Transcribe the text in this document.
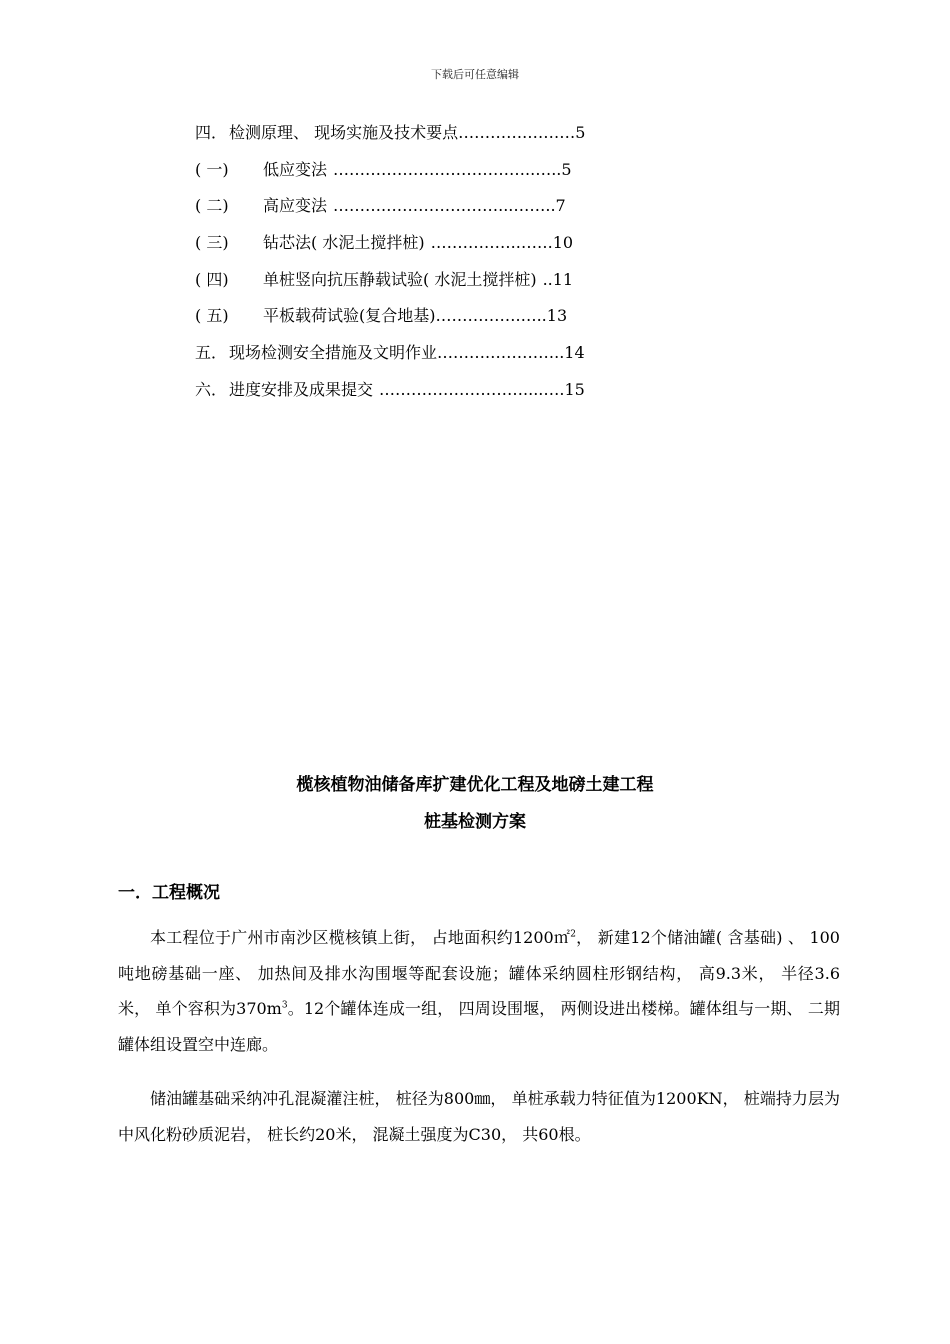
下载后可任意编辑
四． 检测原理、 现场实施及技术要点 ………….………5
( 一)	低应变法 ………………………………..…..5
( 二)	高应变法 ……….…………………...……..7
( 三)	钻芯法( 水泥土搅拌桩) …………….…….10
( 四)	单桩竖向抗压静载试验( 水泥土搅拌桩) ..11
( 五)	平板载荷试验(复合地基) …………….…..13
五． 现场检测安全措施及文明作业 ……….…………..14
六． 进度安排及成果提交 ………………………....….15
榄核植物油储备库扩建优化工程及地磅土建工程
桩基检测方案
一．工程概况
本工程位于广州市南沙区榄核镇上街， 占地面积约1200㎡$^2$， 新建12个储油罐( 含基础) 、 100吨地磅基础一座、 加热间及排水沟围堰等配套设施；罐体采纳圆柱形钢结构， 高9.3米， 半径3.6米， 单个容积为$370m^3$。12个罐体连成一组， 四周设围堰， 两侧设进出楼梯。罐体组与一期、 二期罐体组设置空中连廊。
储油罐基础采纳冲孔混凝灌注桩， 桩径为800㎜， 单桩承载力特征值为1200KN， 桩端持力层为中风化粉砂质泥岩， 桩长约20米， 混凝土强度为C30， 共60根。
